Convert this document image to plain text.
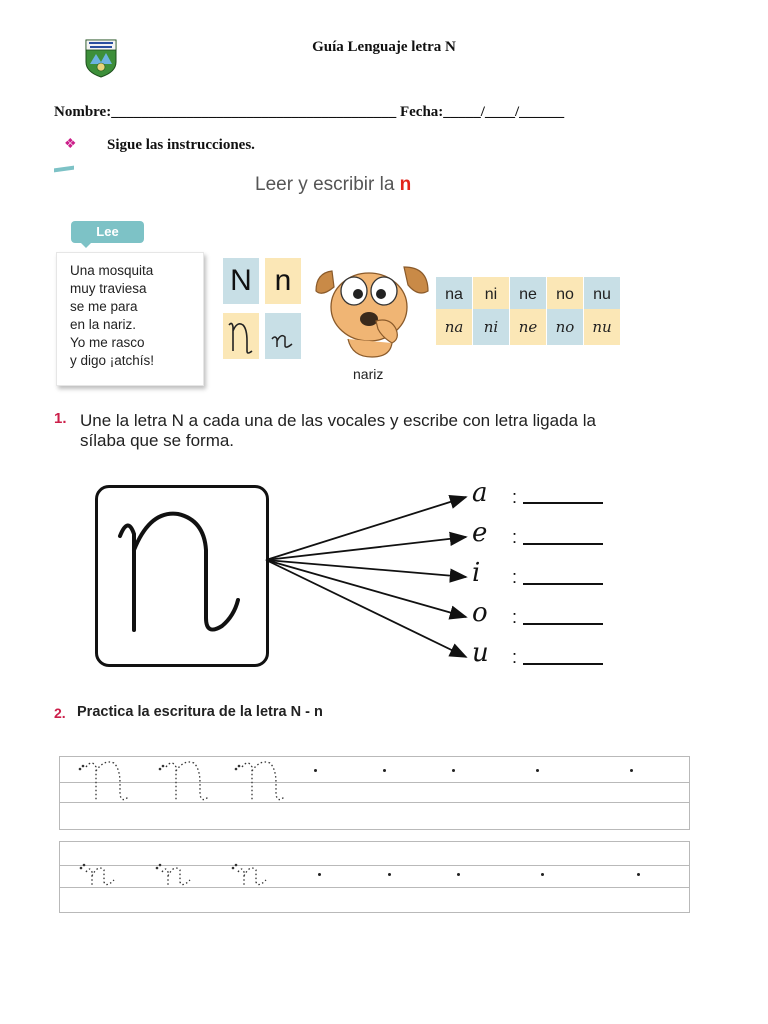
Guía Lenguaje letra N
Nombre:______________________________________ Fecha:_____/____/______
❖ Sigue las instrucciones.
Leer y escribir la n
Lee
Una mosquita
muy traviesa
se me para
en la nariz.
Yo me rasco
y digo ¡atchís!
N n
nariz
na	ni	ne	no	nu
na	ni	ne	no	nu
1. Une la letra N a cada una de las vocales y escribe con letra ligada la sílaba que se forma.
a :
e :
i :
o :
u :
2. Practica la escritura de la letra N - n
